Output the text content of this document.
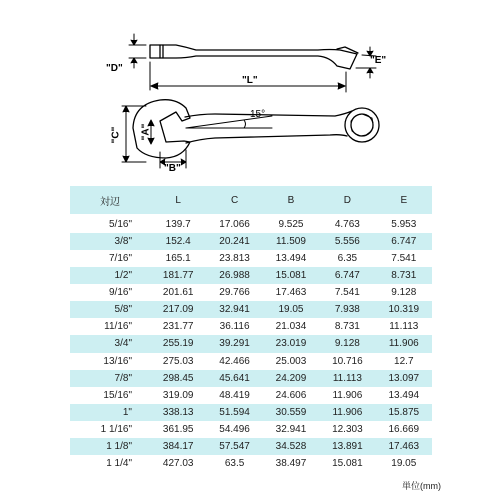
"D"
"L"
"E"
"C" "A"
"B"
15°
対辺	L	C	B	D	E
5/16"	139.7	17.066	9.525	4.763	5.953
3/8"	152.4	20.241	11.509	5.556	6.747
7/16"	165.1	23.813	13.494	6.35	7.541
1/2"	181.77	26.988	15.081	6.747	8.731
9/16"	201.61	29.766	17.463	7.541	9.128
5/8"	217.09	32.941	19.05	7.938	10.319
11/16"	231.77	36.116	21.034	8.731	11.113
3/4"	255.19	39.291	23.019	9.128	11.906
13/16"	275.03	42.466	25.003	10.716	12.7
7/8"	298.45	45.641	24.209	11.113	13.097
15/16"	319.09	48.419	24.606	11.906	13.494
1"	338.13	51.594	30.559	11.906	15.875
1 1/16"	361.95	54.496	32.941	12.303	16.669
1 1/8"	384.17	57.547	34.528	13.891	17.463
1 1/4"	427.03	63.5	38.497	15.081	19.05
単位(mm)
